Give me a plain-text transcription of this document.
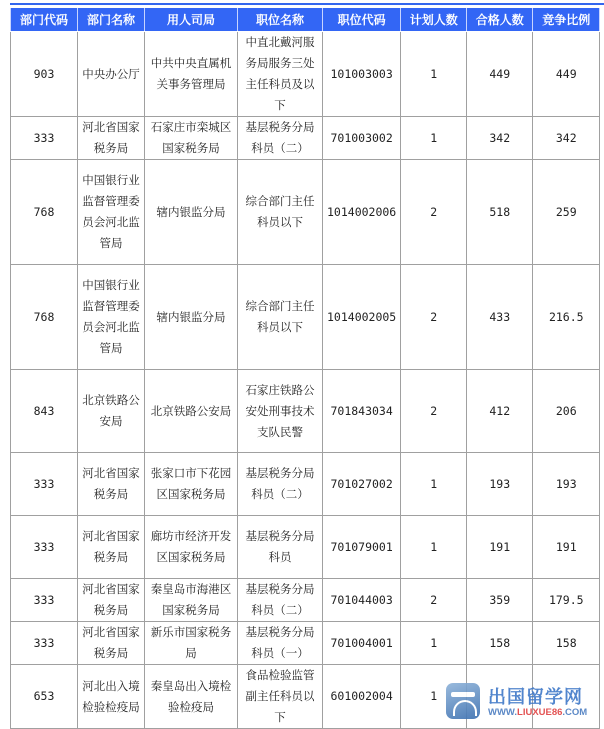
部门代码	部门名称	用人司局	职位名称	职位代码	计划人数	合格人数	竞争比例
903	中央办公厅	中共中央直属机关事务管理局	中直北戴河服务局服务三处主任科员及以下	101003003	1	449	449
333	河北省国家税务局	石家庄市栾城区国家税务局	基层税务分局科员（二）	701003002	1	342	342
768	中国银行业监督管理委员会河北监管局	辖内银监分局	综合部门主任科员以下	1014002006	2	518	259
768	中国银行业监督管理委员会河北监管局	辖内银监分局	综合部门主任科员以下	1014002005	2	433	216.5
843	北京铁路公安局	北京铁路公安局	石家庄铁路公安处刑事技术支队民警	701843034	2	412	206
333	河北省国家税务局	张家口市下花园区国家税务局	基层税务分局科员（二）	701027002	1	193	193
333	河北省国家税务局	廊坊市经济开发区国家税务局	基层税务分局科员	701079001	1	191	191
333	河北省国家税务局	秦皇岛市海港区国家税务局	基层税务分局科员（二）	701044003	2	359	179.5
333	河北省国家税务局	新乐市国家税务局	基层税务分局科员（一）	701004001	1	158	158
653	河北出入境检验检疫局	秦皇岛出入境检验检疫局	食品检验监管副主任科员以下	601002004	1			出国留学网
WWW.LIUXUE86.COM
